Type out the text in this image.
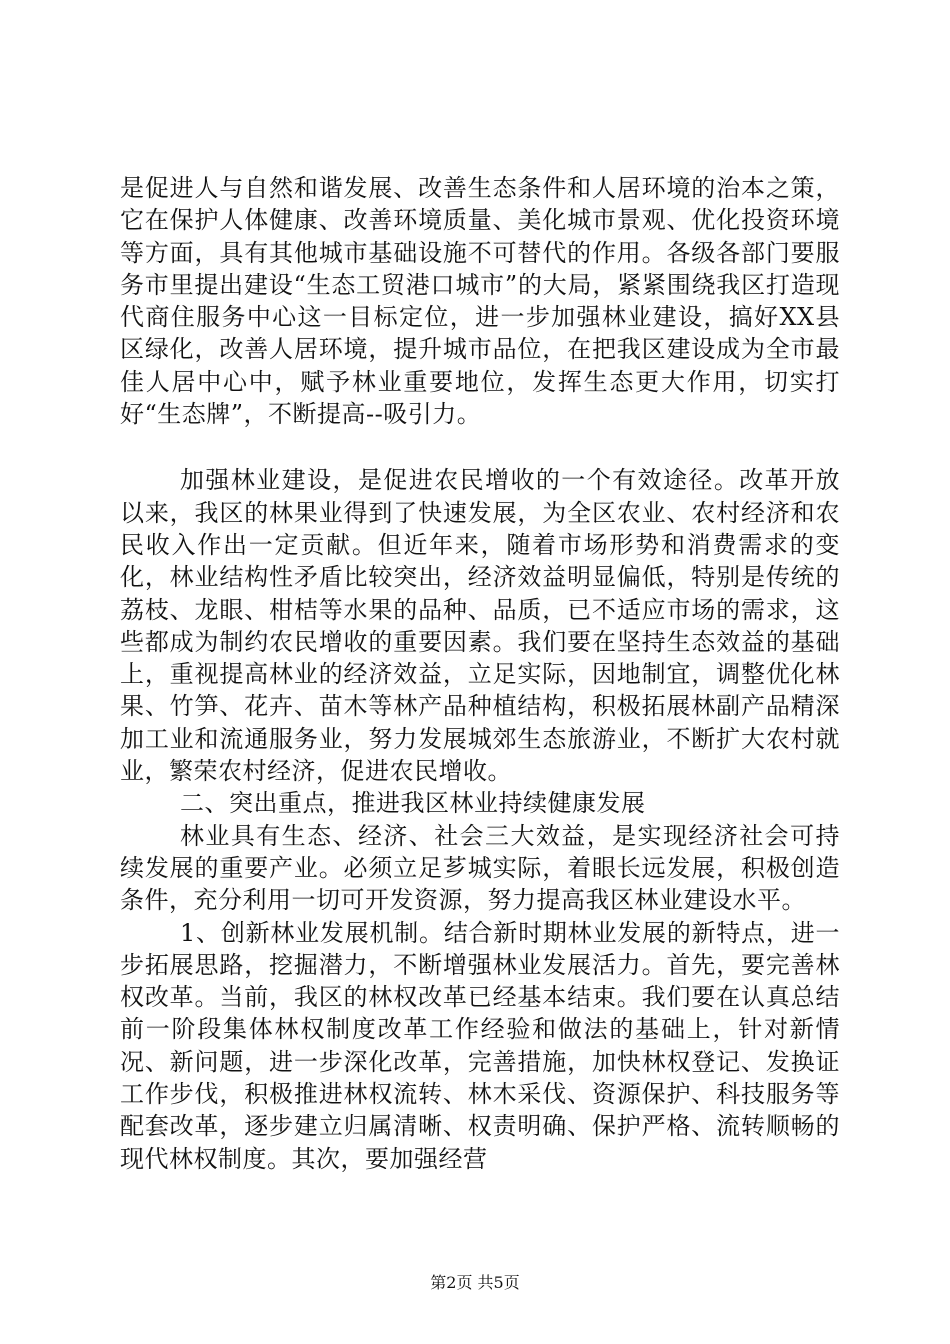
是促进人与自然和谐发展、改善生态条件和人居环境的治本之策，它在保护人体健康、改善环境质量、美化城市景观、优化投资环境等方面，具有其他城市基础设施不可替代的作用。各级各部门要服务市里提出建设“生态工贸港口城市”的大局，紧紧围绕我区打造现代商住服务中心这一目标定位，进一步加强林业建设，搞好XX县区绿化，改善人居环境，提升城市品位，在把我区建设成为全市最佳人居中心中，赋予林业重要地位，发挥生态更大作用，切实打好“生态牌”，不断提高--吸引力。

加强林业建设，是促进农民增收的一个有效途径。改革开放以来，我区的林果业得到了快速发展，为全区农业、农村经济和农民收入作出一定贡献。但近年来，随着市场形势和消费需求的变化，林业结构性矛盾比较突出，经济效益明显偏低，特别是传统的荔枝、龙眼、柑桔等水果的品种、品质，已不适应市场的需求，这些都成为制约农民增收的重要因素。我们要在坚持生态效益的基础上，重视提高林业的经济效益，立足实际，因地制宜，调整优化林果、竹笋、花卉、苗木等林产品种植结构，积极拓展林副产品精深加工业和流通服务业，努力发展城郊生态旅游业，不断扩大农村就业，繁荣农村经济，促进农民增收。

二、突出重点，推进我区林业持续健康发展

林业具有生态、经济、社会三大效益，是实现经济社会可持续发展的重要产业。必须立足芗城实际，着眼长远发展，积极创造条件，充分利用一切可开发资源，努力提高我区林业建设水平。

1、创新林业发展机制。结合新时期林业发展的新特点，进一步拓展思路，挖掘潜力，不断增强林业发展活力。首先，要完善林权改革。当前，我区的林权改革已经基本结束。我们要在认真总结前一阶段集体林权制度改革工作经验和做法的基础上，针对新情况、新问题，进一步深化改革，完善措施，加快林权登记、发换证工作步伐，积极推进林权流转、林木采伐、资源保护、科技服务等配套改革，逐步建立归属清晰、权责明确、保护严格、流转顺畅的现代林权制度。其次，要加强经营

第2页 共5页
